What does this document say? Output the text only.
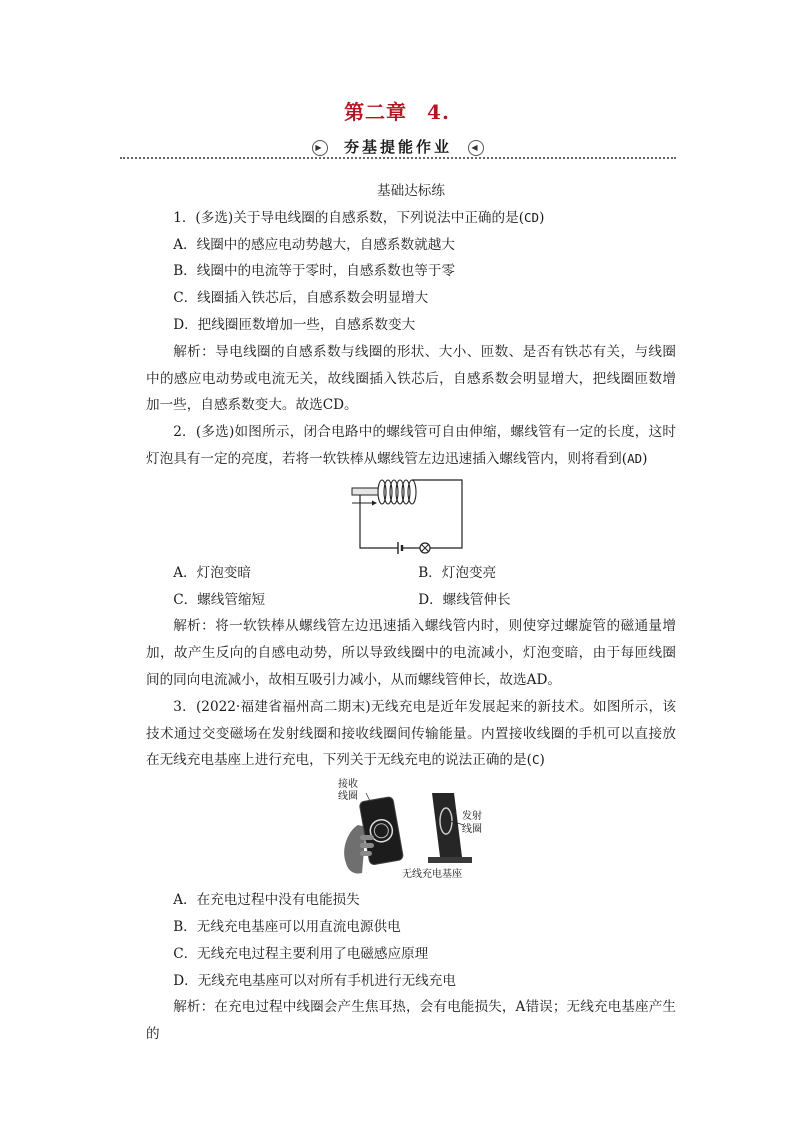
第二章 4.
▶ 夯基提能作业	◀

基础达标练

1．(多选)关于导电线圈的自感系数，下列说法中正确的是(CD)

A．线圈中的感应电动势越大，自感系数就越大

B．线圈中的电流等于零时，自感系数也等于零

C．线圈插入铁芯后，自感系数会明显增大

D．把线圈匝数增加一些，自感系数变大

解析：导电线圈的自感系数与线圈的形状、大小、匝数、是否有铁芯有关，与线圈中的感应电动势或电流无关，故线圈插入铁芯后，自感系数会明显增大，把线圈匝数增加一些，自感系数变大。故选CD。

2．(多选)如图所示，闭合电路中的螺线管可自由伸缩，螺线管有一定的长度，这时灯泡具有一定的亮度，若将一软铁棒从螺线管左边迅速插入螺线管内，则将看到(AD)

A．灯泡变暗	B．灯泡变亮

C．螺线管缩短	D．螺线管伸长

解析：将一软铁棒从螺线管左边迅速插入螺线管内时，则使穿过螺旋管的磁通量增加，故产生反向的自感电动势，所以导致线圈中的电流减小，灯泡变暗，由于每匝线圈间的同向电流减小，故相互吸引力减小，从而螺线管伸长，故选AD。

3．(2022·福建省福州高二期末)无线充电是近年发展起来的新技术。如图所示，该技术通过交变磁场在发射线圈和接收线圈间传输能量。内置接收线圈的手机可以直接放在无线充电基座上进行充电，下列关于无线充电的说法正确的是(C)

接收
线圈
发射
线圈
无线充电基座

A．在充电过程中没有电能损失

B．无线充电基座可以用直流电源供电

C．无线充电过程主要利用了电磁感应原理

D．无线充电基座可以对所有手机进行无线充电

解析：在充电过程中线圈会产生焦耳热，会有电能损失，A错误；无线充电基座产生的
